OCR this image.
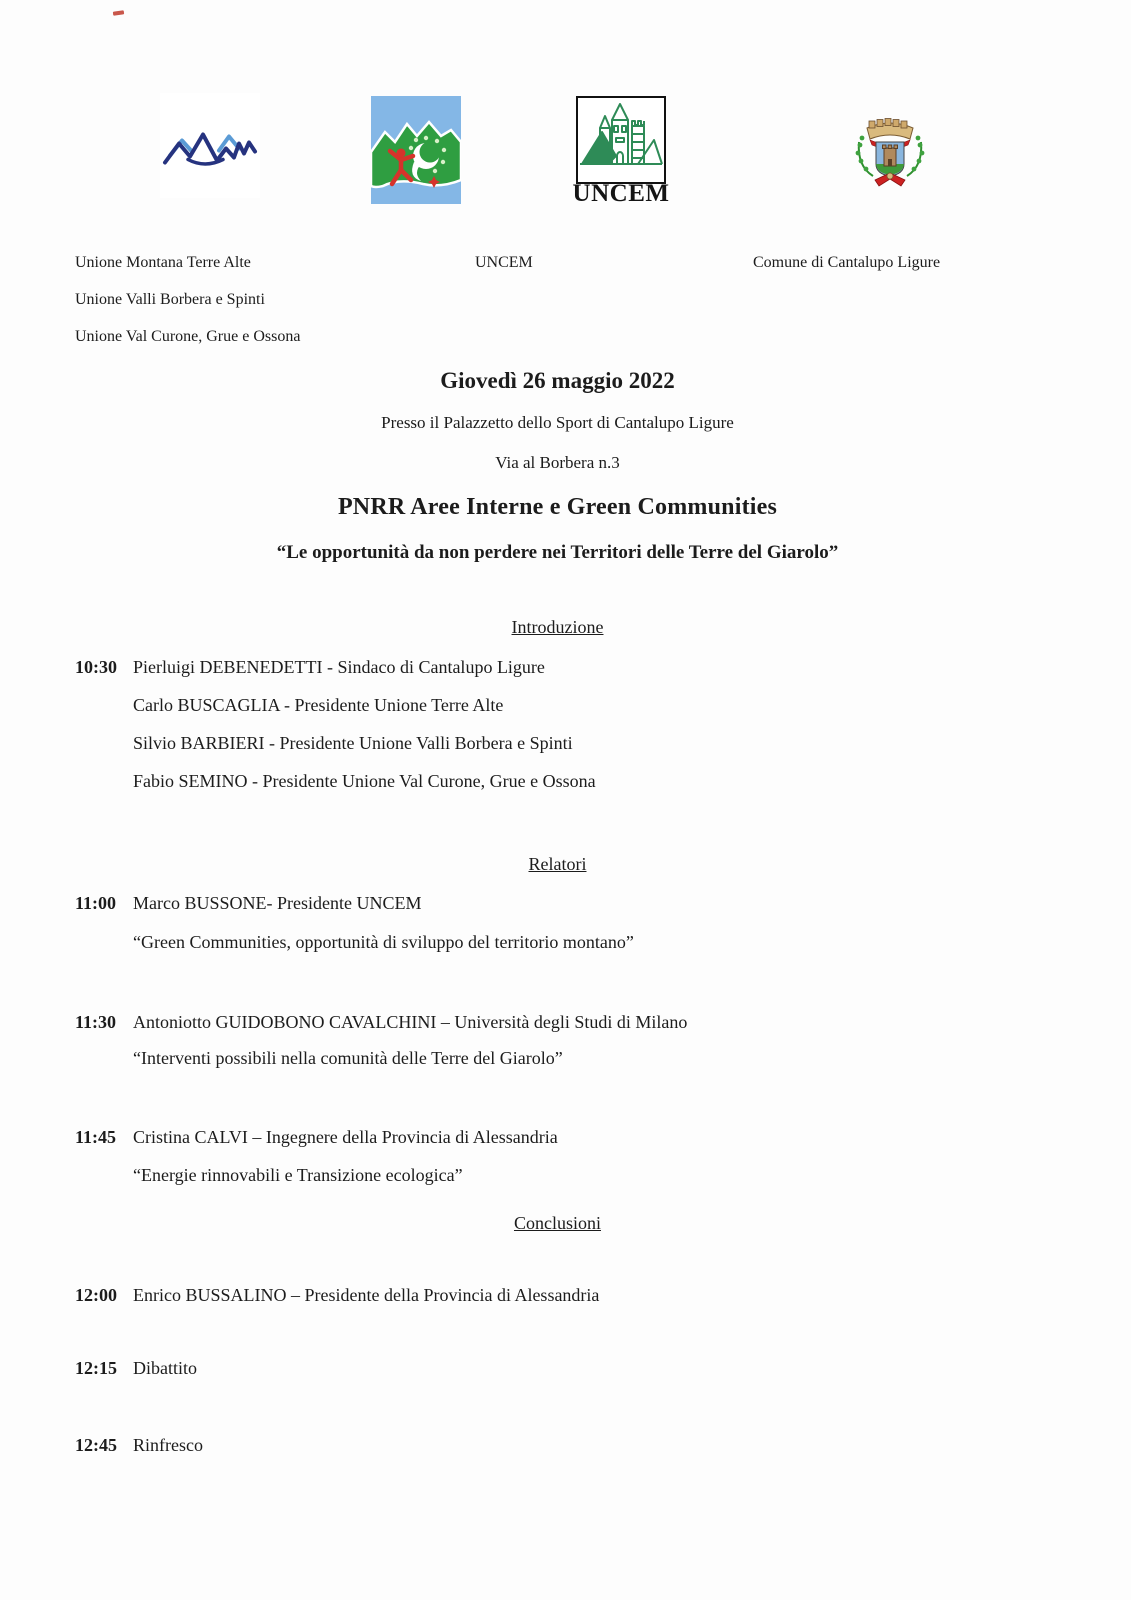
UNCEM
Unione Montana Terre Alte	UNCEM	Comune di Cantalupo Ligure
Unione Valli Borbera e Spinti
Unione Val Curone, Grue e Ossona
Giovedì 26 maggio 2022
Presso il Palazzetto dello Sport di Cantalupo Ligure
Via al Borbera n.3
PNRR Aree Interne e Green Communities
“Le opportunità da non perdere nei Territori delle Terre del Giarolo”
Introduzione
10:30 Pierluigi DEBENEDETTI - Sindaco di Cantalupo Ligure
Carlo BUSCAGLIA - Presidente Unione Terre Alte
Silvio BARBIERI - Presidente Unione Valli Borbera e Spinti
Fabio SEMINO - Presidente Unione Val Curone, Grue e Ossona
Relatori
11:00 Marco BUSSONE- Presidente UNCEM
“Green Communities, opportunità di sviluppo del territorio montano”
11:30 Antoniotto GUIDOBONO CAVALCHINI – Università degli Studi di Milano
“Interventi possibili nella comunità delle Terre del Giarolo”
11:45 Cristina CALVI – Ingegnere della Provincia di Alessandria
“Energie rinnovabili e Transizione ecologica”
Conclusioni
12:00 Enrico BUSSALINO – Presidente della Provincia di Alessandria
12:15 Dibattito
12:45 Rinfresco
